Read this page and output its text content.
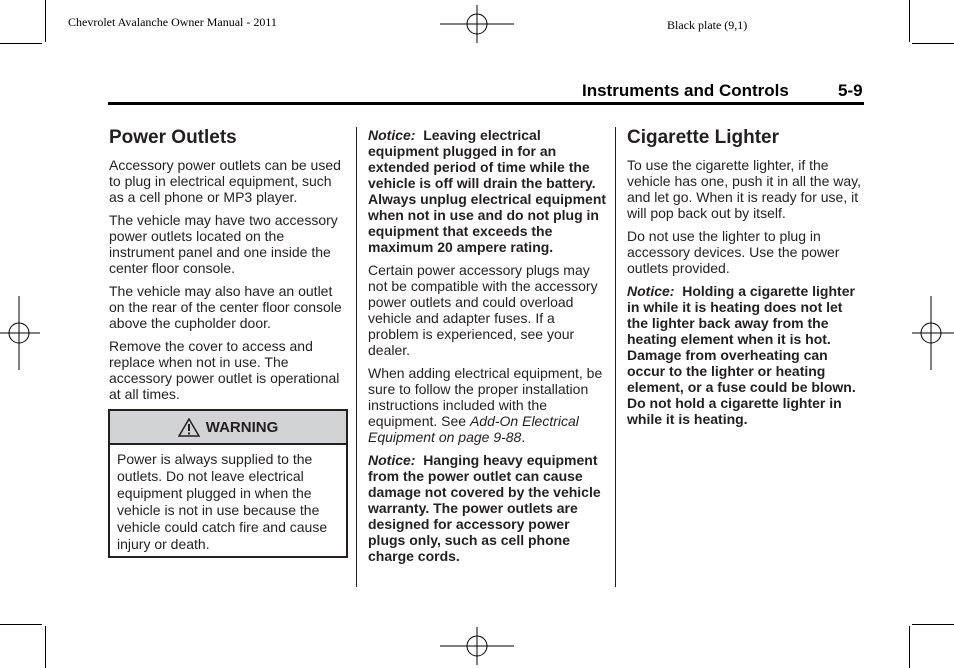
Chevrolet Avalanche Owner Manual - 2011	Black plate (9,1)
Instruments and Controls	5-9
Power Outlets

Accessory power outlets can be used to plug in electrical equipment, such as a cell phone or MP3 player.

The vehicle may have two accessory power outlets located on the instrument panel and one inside the center floor console.

The vehicle may also have an outlet on the rear of the center floor console above the cupholder door.

Remove the cover to access and replace when not in use. The accessory power outlet is operational at all times.

WARNING
Power is always supplied to the outlets. Do not leave electrical equipment plugged in when the vehicle is not in use because the vehicle could catch fire and cause injury or death.

Notice: Leaving electrical equipment plugged in for an extended period of time while the vehicle is off will drain the battery. Always unplug electrical equipment when not in use and do not plug in equipment that exceeds the maximum 20 ampere rating.

Certain power accessory plugs may not be compatible with the accessory power outlets and could overload vehicle and adapter fuses. If a problem is experienced, see your dealer.

When adding electrical equipment, be sure to follow the proper installation instructions included with the equipment. See Add-On Electrical Equipment on page 9-88.

Notice: Hanging heavy equipment from the power outlet can cause damage not covered by the vehicle warranty. The power outlets are designed for accessory power plugs only, such as cell phone charge cords.

Cigarette Lighter

To use the cigarette lighter, if the vehicle has one, push it in all the way, and let go. When it is ready for use, it will pop back out by itself.

Do not use the lighter to plug in accessory devices. Use the power outlets provided.

Notice: Holding a cigarette lighter in while it is heating does not let the lighter back away from the heating element when it is hot. Damage from overheating can occur to the lighter or heating element, or a fuse could be blown. Do not hold a cigarette lighter in while it is heating.
